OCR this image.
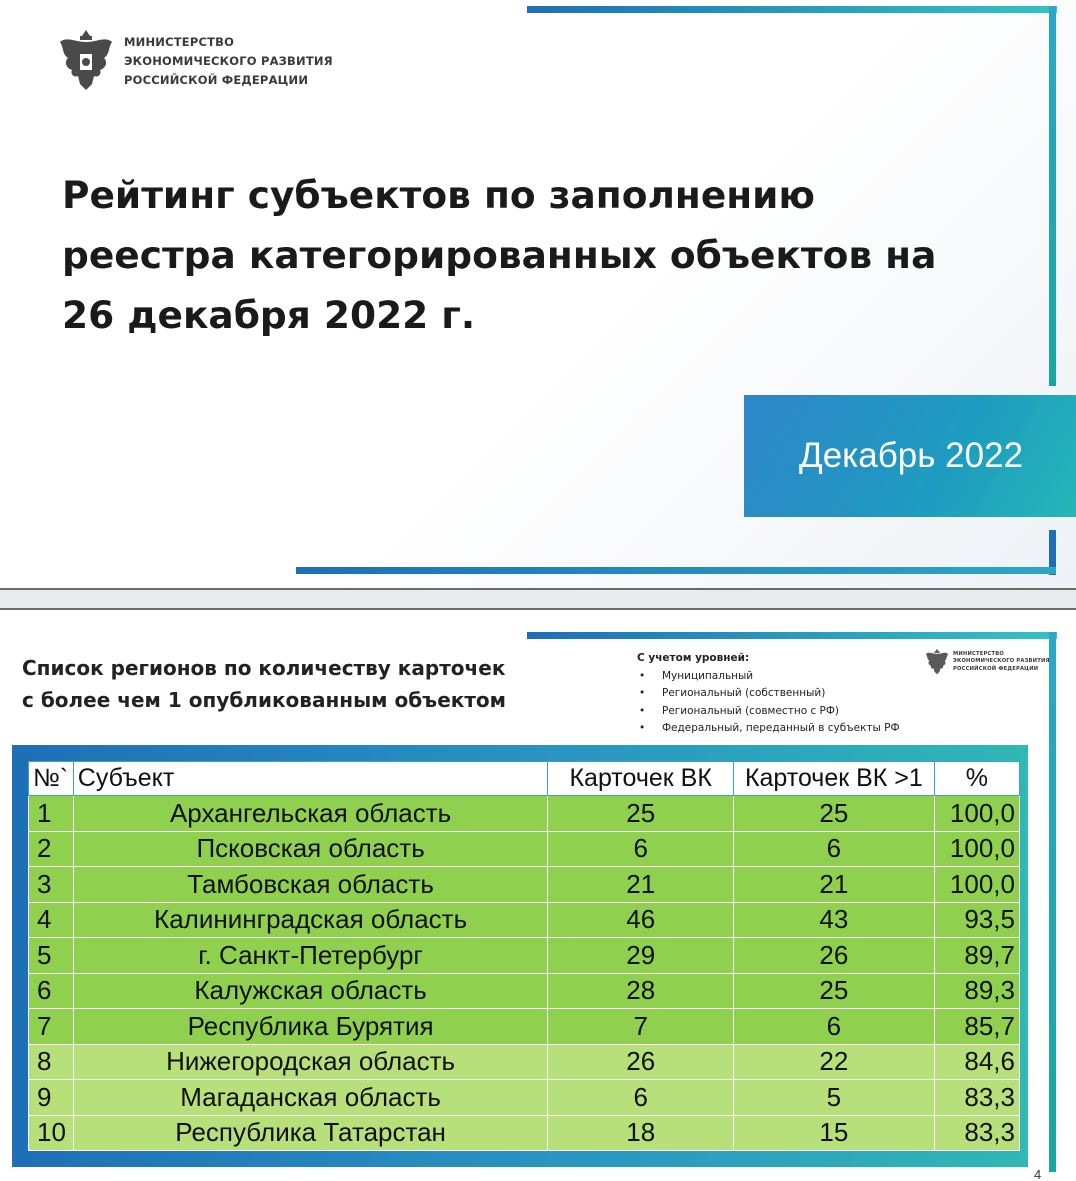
МИНИСТЕРСТВО
ЭКОНОМИЧЕСКОГО РАЗВИТИЯ
РОССИЙСКОЙ ФЕДЕРАЦИИ
Рейтинг субъектов по заполнению
реестра категорированных объектов на
26 декабря 2022 г.
Декабрь 2022
Список регионов по количеству карточек
с более чем 1 опубликованным объектом
С учетом уровней:
• Муниципальный
• Региональный (собственный)
• Региональный (совместно с РФ)
• Федеральный, переданный в субъекты РФ
МИНИСТЕРСТВО
ЭКОНОМИЧЕСКОГО РАЗВИТИЯ
РОССИЙСКОЙ ФЕДЕРАЦИИ
№`	Субъект	Карточек ВК	Карточек ВК >1	%
1	Архангельская область	25	25	100,0
2	Псковская область	6	6	100,0
3	Тамбовская область	21	21	100,0
4	Калининградская область	46	43	93,5
5	г. Санкт-Петербург	29	26	89,7
6	Калужская область	28	25	89,3
7	Республика Бурятия	7	6	85,7
8	Нижегородская область	26	22	84,6
9	Магаданская область	6	5	83,3
10	Республика Татарстан	18	15	83,3
4
